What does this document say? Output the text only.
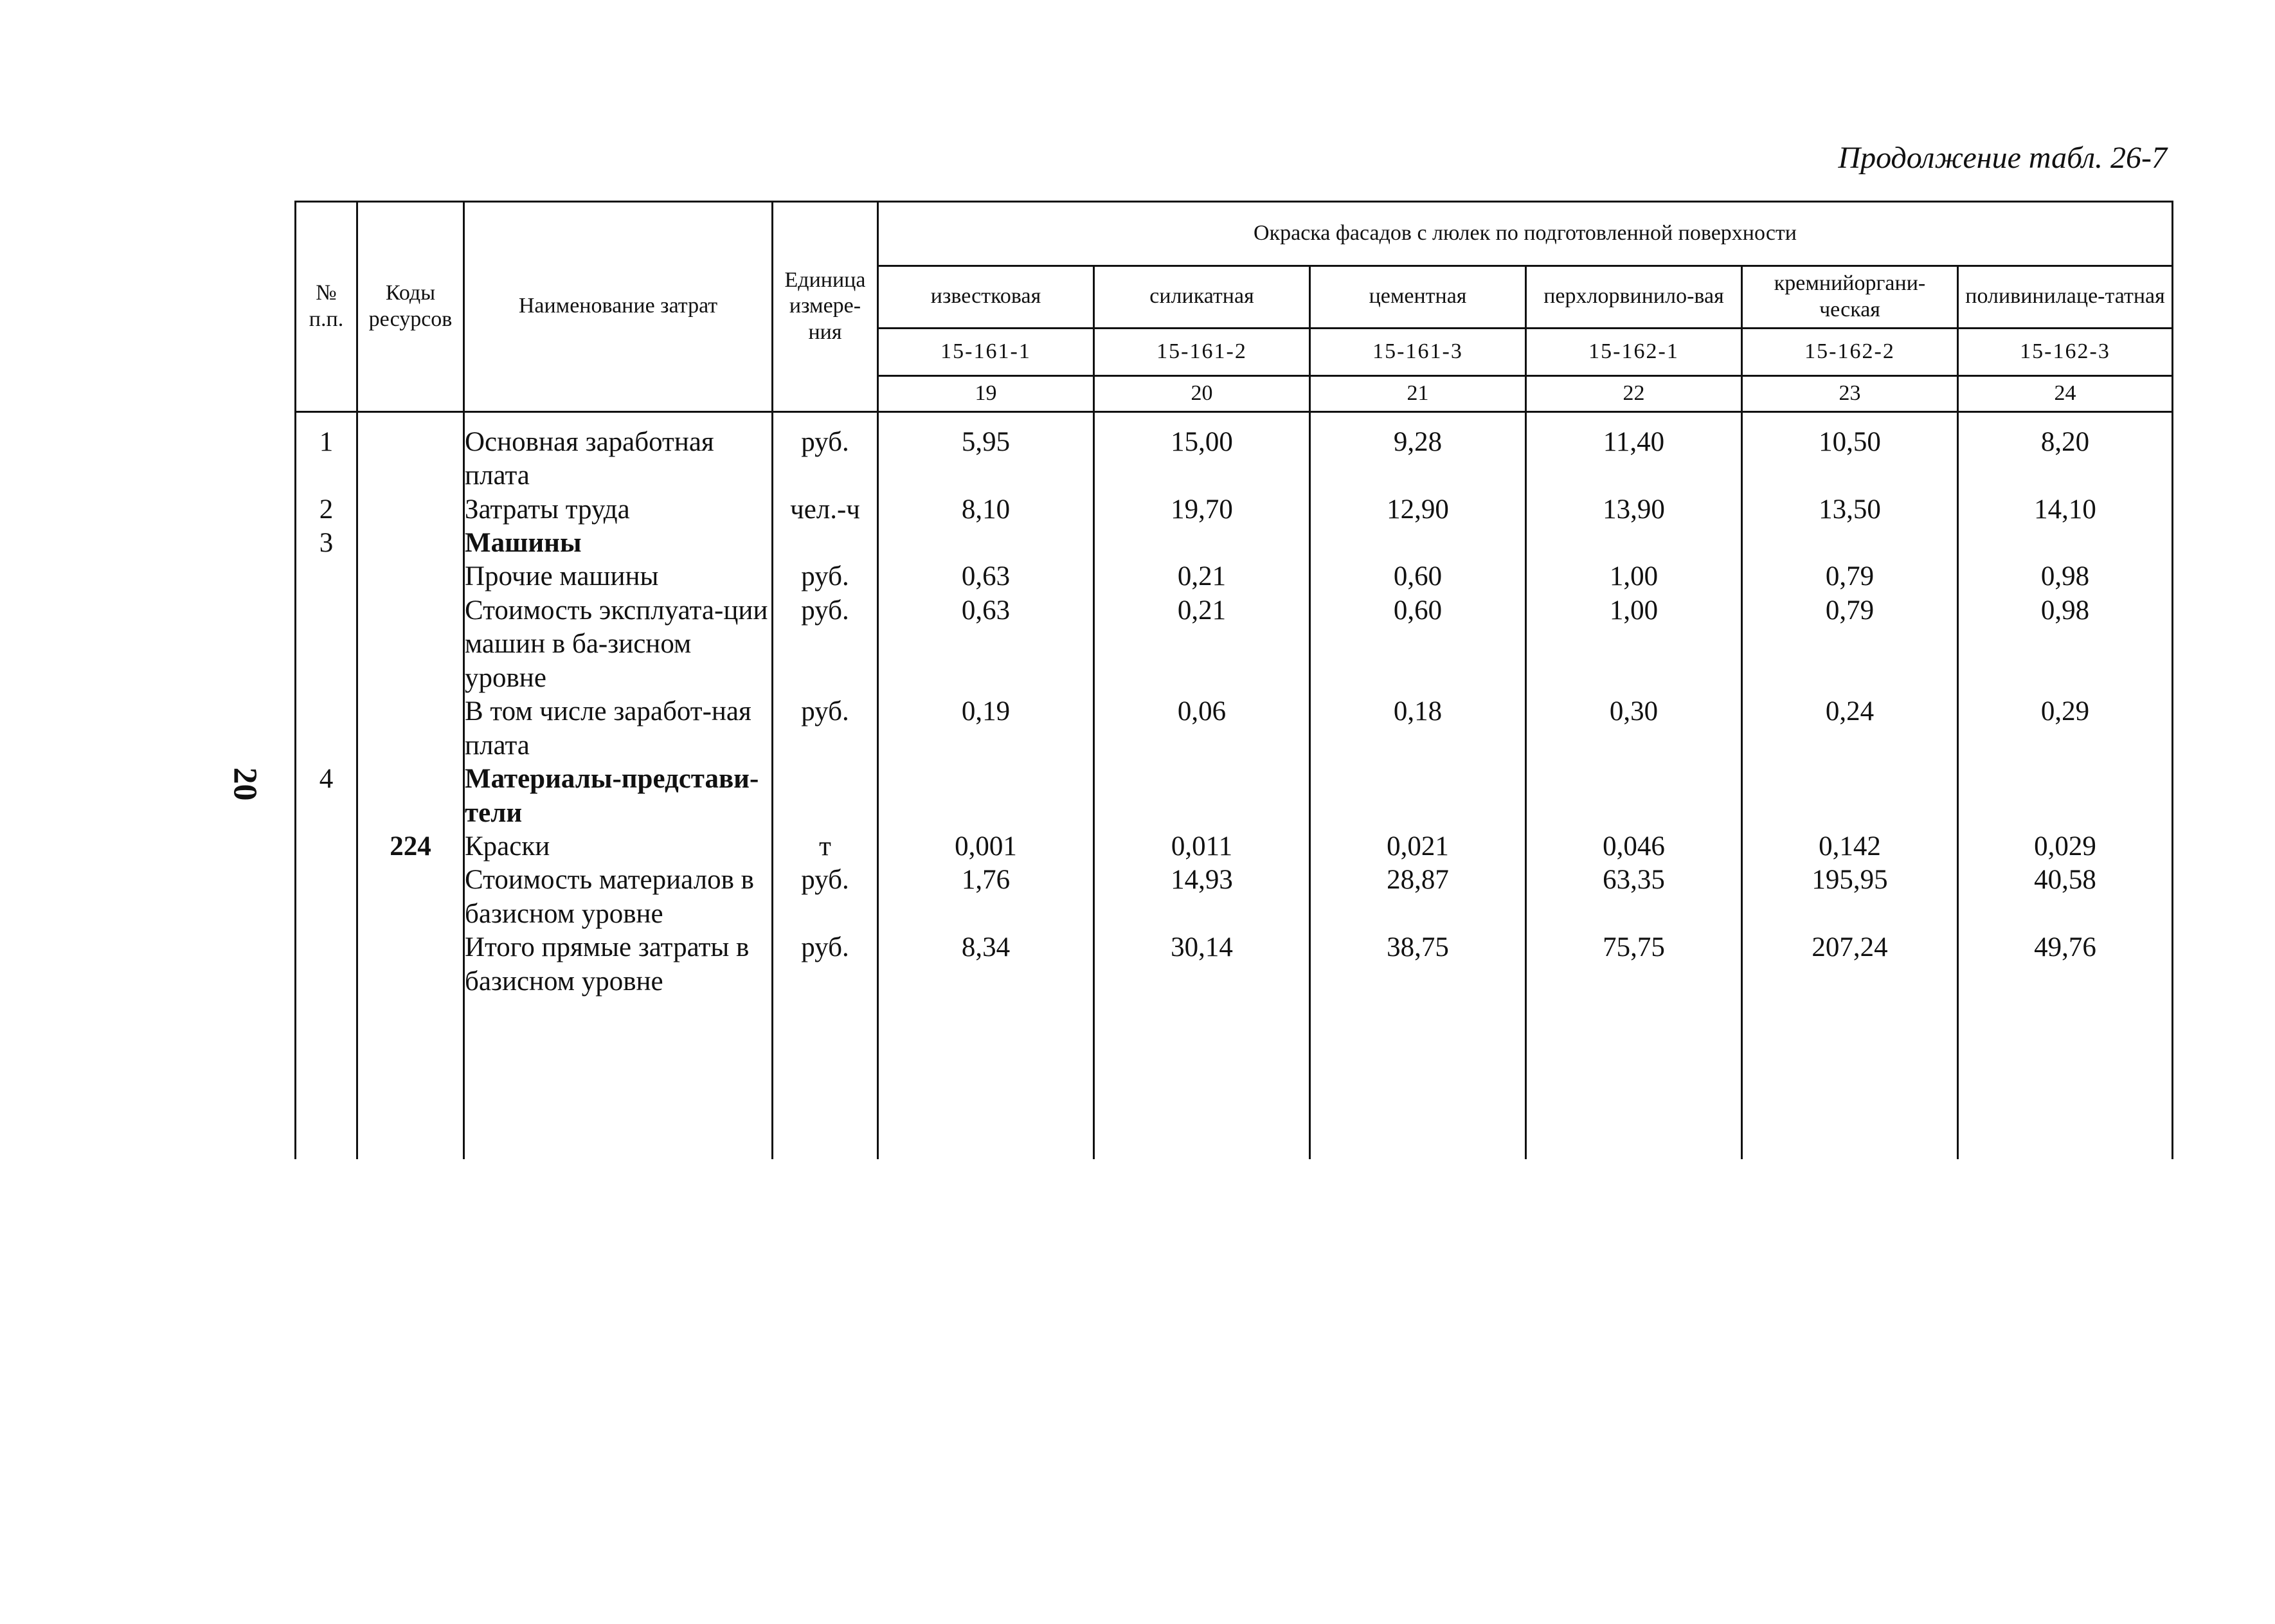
Продолжение табл. 26-7
20
№ п.п.	Коды ресурсов	Наименование затрат	Единица измере-ния	Окраска фасадов с люлек по подготовленной поверхности					
				известковая	силикатная	цементная	перхлорвинило-вая	кремнийоргани-ческая	поливинилаце-татная
				15-161-1	15-161-2	15-161-3	15-162-1	15-162-2	15-162-3
				19	20	21	22	23	24
1		Основная заработная плата	руб.	5,95	15,00	9,28	11,40	10,50	8,20
2		Затраты труда	чел.-ч	8,10	19,70	12,90	13,90	13,50	14,10
3		Машины							
		Прочие машины	руб.	0,63	0,21	0,60	1,00	0,79	0,98
		Стоимость эксплуата-ции машин в ба-зисном уровне	руб.	0,63	0,21	0,60	1,00	0,79	0,98
		В том числе заработ-ная плата	руб.	0,19	0,06	0,18	0,30	0,24	0,29
4		Материалы-представи-тели							
	224	Краски	т	0,001	0,011	0,021	0,046	0,142	0,029
		Стоимость материалов в базисном уровне	руб.	1,76	14,93	28,87	63,35	195,95	40,58
		Итого прямые затраты в базисном уровне	руб.	8,34	30,14	38,75	75,75	207,24	49,76
